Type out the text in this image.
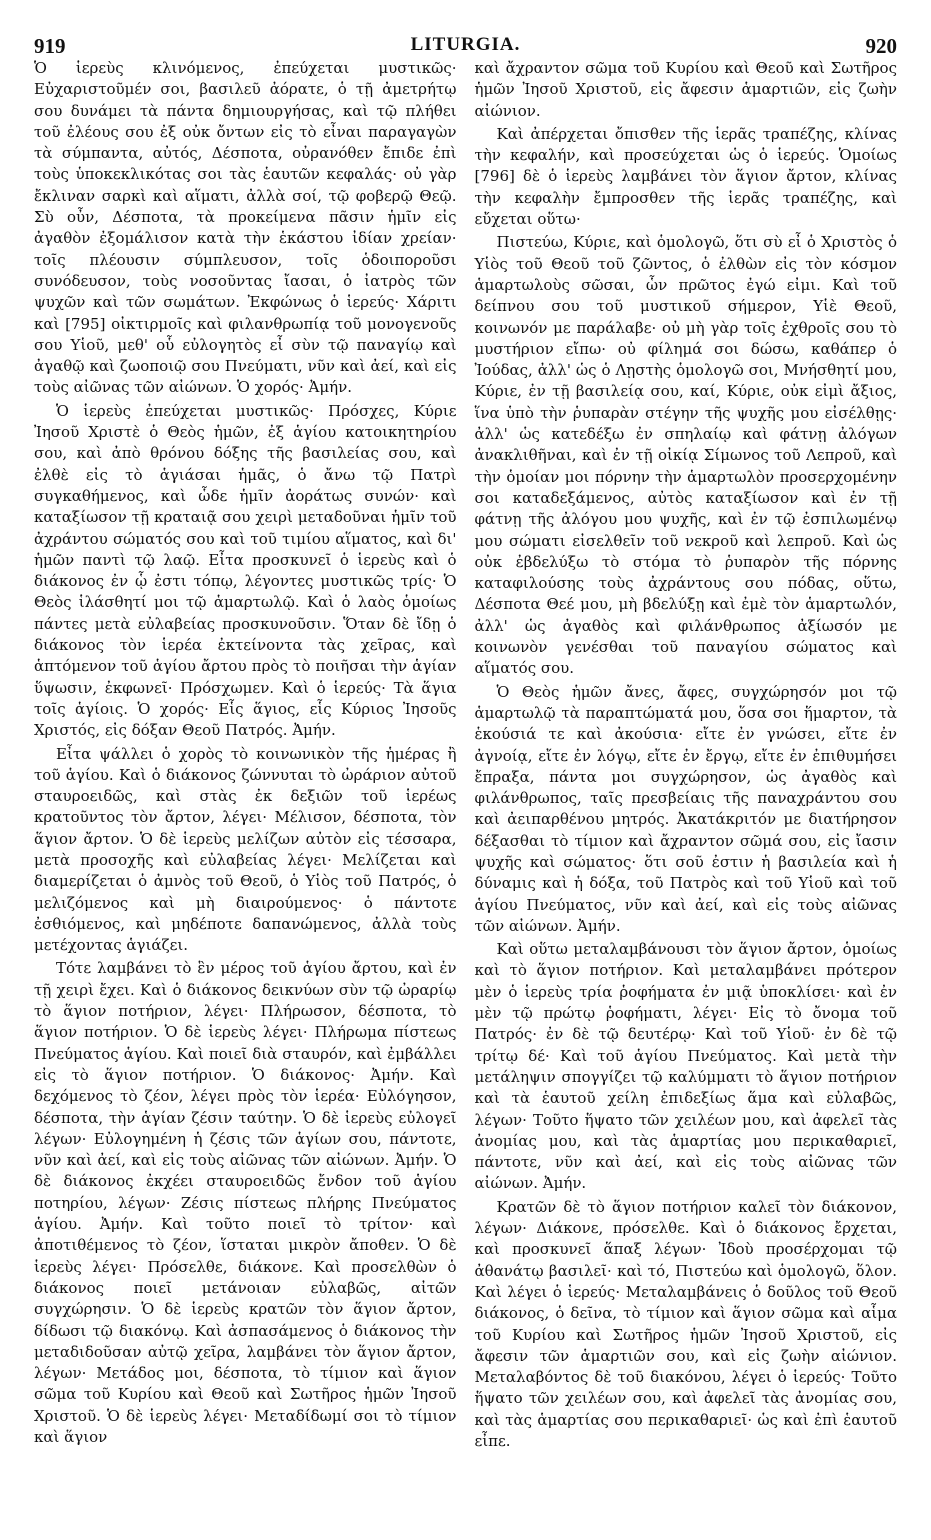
919	LITURGIA.	920

Ὁ ἱερεὺς κλινόμενος, ἐπεύχεται μυστικῶς· Εὐχαριστοῦμέν σοι, βασιλεῦ ἀόρατε, ὁ τῇ ἀμετρήτῳ σου δυνάμει τὰ πάντα δημιουργήσας, καὶ τῷ πλήθει τοῦ ἐλέους σου ἐξ οὐκ ὄντων εἰς τὸ εἶναι παραγαγὼν τὰ σύμπαντα, αὐτός, Δέσποτα, οὐρανόθεν ἔπιδε ἐπὶ τοὺς ὑποκεκλικότας σοι τὰς ἑαυτῶν κεφαλάς· οὐ γὰρ ἔκλιναν σαρκὶ καὶ αἵματι, ἀλλὰ σοί, τῷ φοβερῷ Θεῷ. Σὺ οὖν, Δέσποτα, τὰ προκείμενα πᾶσιν ἡμῖν εἰς ἀγαθὸν ἐξομάλισον κατὰ τὴν ἑκάστου ἰδίαν χρείαν· τοῖς πλέουσιν σύμπλευσον, τοῖς ὁδοιποροῦσι συνόδευσον, τοὺς νοσοῦντας ἴασαι, ὁ ἰατρὸς τῶν ψυχῶν καὶ τῶν σωμάτων. Ἐκφώνως ὁ ἱερεύς· Χάριτι καὶ [795] οἰκτιρμοῖς καὶ φιλανθρωπίᾳ τοῦ μονογενοῦς σου Υἱοῦ, μεθ' οὗ εὐλογητὸς εἶ σὺν τῷ παναγίῳ καὶ ἀγαθῷ καὶ ζωοποιῷ σου Πνεύματι, νῦν καὶ ἀεί, καὶ εἰς τοὺς αἰῶνας τῶν αἰώνων. Ὁ χορός· Ἀμήν.

Ὁ ἱερεὺς ἐπεύχεται μυστικῶς· Πρόσχες, Κύριε Ἰησοῦ Χριστὲ ὁ Θεὸς ἡμῶν, ἐξ ἁγίου κατοικητηρίου σου, καὶ ἀπὸ θρόνου δόξης τῆς βασιλείας σου, καὶ ἐλθὲ εἰς τὸ ἁγιάσαι ἡμᾶς, ὁ ἄνω τῷ Πατρὶ συγκαθήμενος, καὶ ὧδε ἡμῖν ἀοράτως συνών· καὶ καταξίωσον τῇ κραταιᾷ σου χειρὶ μεταδοῦναι ἡμῖν τοῦ ἀχράντου σώματός σου καὶ τοῦ τιμίου αἵματος, καὶ δι' ἡμῶν παντὶ τῷ λαῷ. Εἶτα προσκυνεῖ ὁ ἱερεὺς καὶ ὁ διάκονος ἐν ᾧ ἐστι τόπῳ, λέγοντες μυστικῶς τρίς· Ὁ Θεὸς ἱλάσθητί μοι τῷ ἁμαρτωλῷ. Καὶ ὁ λαὸς ὁμοίως πάντες μετὰ εὐλαβείας προσκυνοῦσιν. Ὅταν δὲ ἴδῃ ὁ διάκονος τὸν ἱερέα ἐκτείνοντα τὰς χεῖρας, καὶ ἁπτόμενον τοῦ ἁγίου ἄρτου πρὸς τὸ ποιῆσαι τὴν ἁγίαν ὕψωσιν, ἐκφωνεῖ· Πρόσχωμεν. Καὶ ὁ ἱερεύς· Τὰ ἅγια τοῖς ἁγίοις. Ὁ χορός· Εἷς ἅγιος, εἷς Κύριος Ἰησοῦς Χριστός, εἰς δόξαν Θεοῦ Πατρός. Ἀμήν.

Εἶτα ψάλλει ὁ χορὸς τὸ κοινωνικὸν τῆς ἡμέρας ἢ τοῦ ἁγίου. Καὶ ὁ διάκονος ζώννυται τὸ ὠράριον αὐτοῦ σταυροειδῶς, καὶ στὰς ἐκ δεξιῶν τοῦ ἱερέως κρατοῦντος τὸν ἄρτον, λέγει· Μέλισον, δέσποτα, τὸν ἅγιον ἄρτον. Ὁ δὲ ἱερεὺς μελίζων αὐτὸν εἰς τέσσαρα, μετὰ προσοχῆς καὶ εὐλαβείας λέγει· Μελίζεται καὶ διαμερίζεται ὁ ἀμνὸς τοῦ Θεοῦ, ὁ Υἱὸς τοῦ Πατρός, ὁ μελιζόμενος καὶ μὴ διαιρούμενος· ὁ πάντοτε ἐσθιόμενος, καὶ μηδέποτε δαπανώμενος, ἀλλὰ τοὺς μετέχοντας ἁγιάζει.

Τότε λαμβάνει τὸ ἓν μέρος τοῦ ἁγίου ἄρτου, καὶ ἐν τῇ χειρὶ ἔχει. Καὶ ὁ διάκονος δεικνύων σὺν τῷ ὠραρίῳ τὸ ἅγιον ποτήριον, λέγει· Πλήρωσον, δέσποτα, τὸ ἅγιον ποτήριον. Ὁ δὲ ἱερεὺς λέγει· Πλήρωμα πίστεως Πνεύματος ἁγίου. Καὶ ποιεῖ διὰ σταυρόν, καὶ ἐμβάλλει εἰς τὸ ἅγιον ποτήριον. Ὁ διάκονος· Ἀμήν. Καὶ δεχόμενος τὸ ζέον, λέγει πρὸς τὸν ἱερέα· Εὐλόγησον, δέσποτα, τὴν ἁγίαν ζέσιν ταύτην. Ὁ δὲ ἱερεὺς εὐλογεῖ λέγων· Εὐλογημένη ἡ ζέσις τῶν ἁγίων σου, πάντοτε, νῦν καὶ ἀεί, καὶ εἰς τοὺς αἰῶνας τῶν αἰώνων. Ἀμήν. Ὁ δὲ διάκονος ἐκχέει σταυροειδῶς ἔνδον τοῦ ἁγίου ποτηρίου, λέγων· Ζέσις πίστεως πλήρης Πνεύματος ἁγίου. Ἀμήν. Καὶ τοῦτο ποιεῖ τὸ τρίτον· καὶ ἀποτιθέμενος τὸ ζέον, ἵσταται μικρὸν ἄποθεν. Ὁ δὲ ἱερεὺς λέγει· Πρόσελθε, διάκονε. Καὶ προσελθὼν ὁ διάκονος ποιεῖ μετάνοιαν εὐλαβῶς, αἰτῶν συγχώρησιν. Ὁ δὲ ἱερεὺς κρατῶν τὸν ἅγιον ἄρτον, δίδωσι τῷ διακόνῳ. Καὶ ἀσπασάμενος ὁ διάκονος τὴν μεταδιδοῦσαν αὐτῷ χεῖρα, λαμβάνει τὸν ἅγιον ἄρτον, λέγων· Μετάδος μοι, δέσποτα, τὸ τίμιον καὶ ἅγιον σῶμα τοῦ Κυρίου καὶ Θεοῦ καὶ Σωτῆρος ἡμῶν Ἰησοῦ Χριστοῦ. Ὁ δὲ ἱερεὺς λέγει· Μεταδίδωμί σοι τὸ τίμιον καὶ ἅγιον

καὶ ἄχραντον σῶμα τοῦ Κυρίου καὶ Θεοῦ καὶ Σωτῆρος ἡμῶν Ἰησοῦ Χριστοῦ, εἰς ἄφεσιν ἁμαρτιῶν, εἰς ζωὴν αἰώνιον.

Καὶ ἀπέρχεται ὄπισθεν τῆς ἱερᾶς τραπέζης, κλίνας τὴν κεφαλήν, καὶ προσεύχεται ὡς ὁ ἱερεύς. Ὁμοίως [796] δὲ ὁ ἱερεὺς λαμβάνει τὸν ἅγιον ἄρτον, κλίνας τὴν κεφαλὴν ἔμπροσθεν τῆς ἱερᾶς τραπέζης, καὶ εὔχεται οὕτω·

Πιστεύω, Κύριε, καὶ ὁμολογῶ, ὅτι σὺ εἶ ὁ Χριστὸς ὁ Υἱὸς τοῦ Θεοῦ τοῦ ζῶντος, ὁ ἐλθὼν εἰς τὸν κόσμον ἁμαρτωλοὺς σῶσαι, ὧν πρῶτος ἐγώ εἰμι. Καὶ τοῦ δείπνου σου τοῦ μυστικοῦ σήμερον, Υἱὲ Θεοῦ, κοινωνόν με παράλαβε· οὐ μὴ γὰρ τοῖς ἐχθροῖς σου τὸ μυστήριον εἴπω· οὐ φίλημά σοι δώσω, καθάπερ ὁ Ἰούδας, ἀλλ' ὡς ὁ Λῃστὴς ὁμολογῶ σοι, Μνήσθητί μου, Κύριε, ἐν τῇ βασιλείᾳ σου, καί, Κύριε, οὐκ εἰμὶ ἄξιος, ἵνα ὑπὸ τὴν ῥυπαρὰν στέγην τῆς ψυχῆς μου εἰσέλθῃς· ἀλλ' ὡς κατεδέξω ἐν σπηλαίῳ καὶ φάτνῃ ἀλόγων ἀνακλιθῆναι, καὶ ἐν τῇ οἰκίᾳ Σίμωνος τοῦ Λεπροῦ, καὶ τὴν ὁμοίαν μοι πόρνην τὴν ἁμαρτωλὸν προσερχομένην σοι καταδεξάμενος, αὐτὸς καταξίωσον καὶ ἐν τῇ φάτνῃ τῆς ἀλόγου μου ψυχῆς, καὶ ἐν τῷ ἐσπιλωμένῳ μου σώματι εἰσελθεῖν τοῦ νεκροῦ καὶ λεπροῦ. Καὶ ὡς οὐκ ἐβδελύξω τὸ στόμα τὸ ῥυπαρὸν τῆς πόρνης καταφιλούσης τοὺς ἀχράντους σου πόδας, οὕτω, Δέσποτα Θεέ μου, μὴ βδελύξῃ καὶ ἐμὲ τὸν ἁμαρτωλόν, ἀλλ' ὡς ἀγαθὸς καὶ φιλάνθρωπος ἀξίωσόν με κοινωνὸν γενέσθαι τοῦ παναγίου σώματος καὶ αἵματός σου.

Ὁ Θεὸς ἡμῶν ἄνες, ἄφες, συγχώρησόν μοι τῷ ἁμαρτωλῷ τὰ παραπτώματά μου, ὅσα σοι ἥμαρτον, τὰ ἑκούσιά τε καὶ ἀκούσια· εἴτε ἐν γνώσει, εἴτε ἐν ἀγνοίᾳ, εἴτε ἐν λόγῳ, εἴτε ἐν ἔργῳ, εἴτε ἐν ἐπιθυμήσει ἔπραξα, πάντα μοι συγχώρησον, ὡς ἀγαθὸς καὶ φιλάνθρωπος, ταῖς πρεσβείαις τῆς παναχράντου σου καὶ ἀειπαρθένου μητρός. Ἀκατάκριτόν με διατήρησον δέξασθαι τὸ τίμιον καὶ ἄχραντον σῶμά σου, εἰς ἴασιν ψυχῆς καὶ σώματος· ὅτι σοῦ ἐστιν ἡ βασιλεία καὶ ἡ δύναμις καὶ ἡ δόξα, τοῦ Πατρὸς καὶ τοῦ Υἱοῦ καὶ τοῦ ἁγίου Πνεύματος, νῦν καὶ ἀεί, καὶ εἰς τοὺς αἰῶνας τῶν αἰώνων. Ἀμήν.

Καὶ οὕτω μεταλαμβάνουσι τὸν ἅγιον ἄρτον, ὁμοίως καὶ τὸ ἅγιον ποτήριον. Καὶ μεταλαμβάνει πρότερον μὲν ὁ ἱερεὺς τρία ῥοφήματα ἐν μιᾷ ὑποκλίσει· καὶ ἐν μὲν τῷ πρώτῳ ῥοφήματι, λέγει· Εἰς τὸ ὄνομα τοῦ Πατρός· ἐν δὲ τῷ δευτέρῳ· Καὶ τοῦ Υἱοῦ· ἐν δὲ τῷ τρίτῳ δέ· Καὶ τοῦ ἁγίου Πνεύματος. Καὶ μετὰ τὴν μετάληψιν σπογγίζει τῷ καλύμματι τὸ ἅγιον ποτήριον καὶ τὰ ἑαυτοῦ χείλη ἐπιδεξίως ἅμα καὶ εὐλαβῶς, λέγων· Τοῦτο ἥψατο τῶν χειλέων μου, καὶ ἀφελεῖ τὰς ἀνομίας μου, καὶ τὰς ἁμαρτίας μου περικαθαριεῖ, πάντοτε, νῦν καὶ ἀεί, καὶ εἰς τοὺς αἰῶνας τῶν αἰώνων. Ἀμήν.

Κρατῶν δὲ τὸ ἅγιον ποτήριον καλεῖ τὸν διάκονον, λέγων· Διάκονε, πρόσελθε. Καὶ ὁ διάκονος ἔρχεται, καὶ προσκυνεῖ ἅπαξ λέγων· Ἰδοὺ προσέρχομαι τῷ ἀθανάτῳ βασιλεῖ· καὶ τό, Πιστεύω καὶ ὁμολογῶ, ὅλον. Καὶ λέγει ὁ ἱερεύς· Μεταλαμβάνεις ὁ δοῦλος τοῦ Θεοῦ διάκονος, ὁ δεῖνα, τὸ τίμιον καὶ ἅγιον σῶμα καὶ αἷμα τοῦ Κυρίου καὶ Σωτῆρος ἡμῶν Ἰησοῦ Χριστοῦ, εἰς ἄφεσιν τῶν ἁμαρτιῶν σου, καὶ εἰς ζωὴν αἰώνιον. Μεταλαβόντος δὲ τοῦ διακόνου, λέγει ὁ ἱερεύς· Τοῦτο ἥψατο τῶν χειλέων σου, καὶ ἀφελεῖ τὰς ἀνομίας σου, καὶ τὰς ἁμαρτίας σου περικαθαριεῖ· ὡς καὶ ἐπὶ ἑαυτοῦ εἶπε.
